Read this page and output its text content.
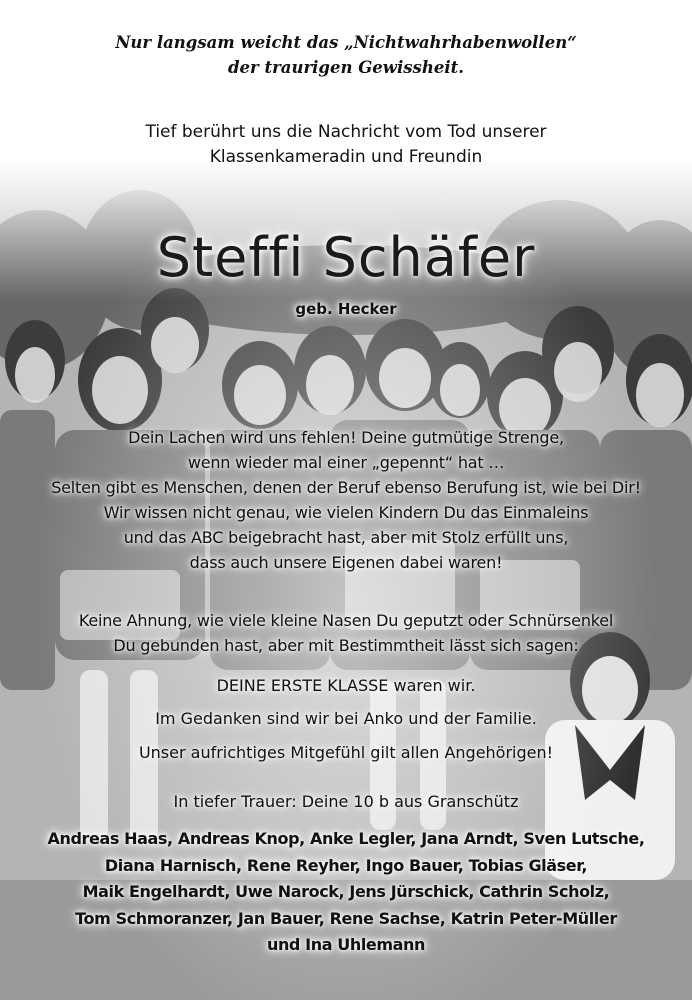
Nur langsam weicht das „Nichtwahrhabenwollen“
der traurigen Gewissheit.
Tief berührt uns die Nachricht vom Tod unserer
Klassenkameradin und Freundin
Steffi Schäfer
geb. Hecker
Dein Lachen wird uns fehlen! Deine gutmütige Strenge,
wenn wieder mal einer „gepennt“ hat …
Selten gibt es Menschen, denen der Beruf ebenso Berufung ist, wie bei Dir!
Wir wissen nicht genau, wie vielen Kindern Du das Einmaleins
und das ABC beigebracht hast, aber mit Stolz erfüllt uns,
dass auch unsere Eigenen dabei waren!
Keine Ahnung, wie viele kleine Nasen Du geputzt oder Schnürsenkel
Du gebunden hast, aber mit Bestimmtheit lässt sich sagen:
DEINE ERSTE KLASSE waren wir.
Im Gedanken sind wir bei Anko und der Familie.
Unser aufrichtiges Mitgefühl gilt allen Angehörigen!
In tiefer Trauer: Deine 10 b aus Granschütz
Andreas Haas, Andreas Knop, Anke Legler, Jana Arndt, Sven Lutsche,
Diana Harnisch, Rene Reyher, Ingo Bauer, Tobias Gläser,
Maik Engelhardt, Uwe Narock, Jens Jürschick, Cathrin Scholz,
Tom Schmoranzer, Jan Bauer, Rene Sachse, Katrin Peter-Müller
und Ina Uhlemann
